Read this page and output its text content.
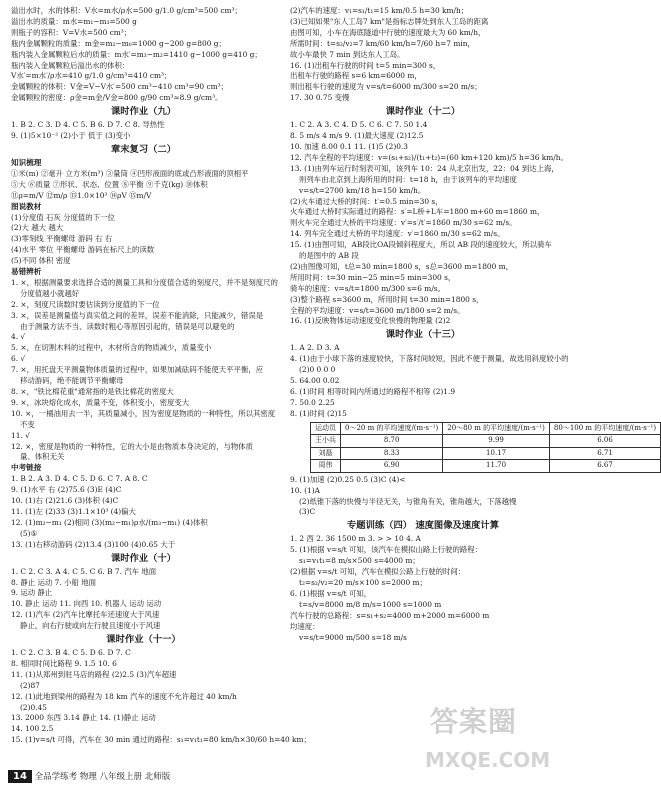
溢出水时，水的体积：V水=m水/ρ水=500 g/1.0 g/cm³=500 cm³；
溢出水的质量：m水=m₁−m₃=500 g
则瓶子的容积：V=V水=500 cm³；
瓶内金属颗粒的质量：m金=m₂−m₀=1000 g−200 g=800 g；
瓶内装入金属颗粒后水的质量：m水′=m₃−m₂=1410 g−1000 g=410 g；
瓶内装入金属颗粒后溢出水的体积：
V水′=m水′/ρ水=410 g/1.0 g/cm³=410 cm³；
金属颗粒的体积：V金=V−V水′=500 cm³−410 cm³=90 cm³；
金属颗粒的密度：ρ金=m金/V金=800 g/90 cm³≈8.9 g/cm³。
课时作业（九）
1. B 2. C 3. D 4. C 5. B 6. D 7. C 8. 导热性
9. (1)5×10⁻² (2)小于 低于 (3)变小
章末复习（二）
知识梳理
①米(m) ②毫升 立方米(m³) ③量筒 ④凹形液面的底或凸形液面的顶相平
⑤大 ⑥质量 ⑦形状、状态、位置 ⑧平衡 ⑨千克(kg) ⑩体积
⑪ρ=m/V ⑫m/ρ ⑬1.0×10³ ⑭ρV ⑮m/V
图说教材
(1)分度值 石灰 分度值的下一位
(2)大 越大 越大
(3)零刻线 平衡螺母 游码 右 右
(4)水平 零位 平衡螺母 游码在标尺上的读数
(5)不同 体积 密度
易错辨析
1. ×，根据测量要求选择合适的测量工具和分度值合适的刻度尺，并不是刻度尺的
分度值越小就越好
2. ×，刻度尺读数时要估读到分度值的下一位
3. ×，误差是测量值与真实值之间的差异，误差不能消除，只能减少，错误是
由于测量方法不当、读数时粗心等原因引起的，错误是可以避免的
4. √
5. ×，在切割木料的过程中，木材所含的物质减少，质量变小
6. √
7. ×，用托盘天平测量物体质量的过程中，如果加减砝码不能使天平平衡，应
移动游码，绝不能调节平衡螺母
8. ×，"铁比棉花重"通常指的是铁比棉花的密度大
9. ×，冰块熔化成水，质量不变，体积变小，密度变大
10. ×，一桶油用去一半，其质量减小，因为密度是物质的一种特性，所以其密度
不变
11. √
12. ×，密度是物质的一种特性，它的大小是由物质本身决定的，与物体质
量、体积无关
中考链接
1. B 2. A 3. D 4. C 5. D 6. C 7. A 8. C
9. (1)水平 右 (2)75.6 (3)E (4)C
10. (1)右 (2)21.6 (3)体积 (4)C
11. (1)左 (2)33 (3)1.1×10³ (4)偏大
12. (1)m₂−m₁ (2)相同 (3)(m₂−m₁)ρ水/(m₃−m₁) (4)体积
(5)⑤
13. (1)右移动游码 (2)13.4 (3)100 (4)0.65 大于
课时作业（十）
1. C 2. C 3. A 4. C 5. C 6. B 7. 汽车 地面
8. 静止 运动 7. 小船 地面
9. 运动 静止
10. 静止 运动 11. 向西 10. 机器人 运动 运动
12. (1)汽车 (2)汽车比摩托车还速度大于风速
静止，向右行驶或向左行驶且速度小于风速
课时作业（十一）
1. C 2. C 3. B 4. C 5. D 6. D 7. C
8. 相同时间比路程 9. 1.5 10. 6
11. (1)从郑州到驻马店的路程 (2)2.5 (3)汽车超速
(2)87
12. (1)此地到梁州的路程为 18 km 汽车的速度不允许超过 40 km/h
(2)0.45
13. 2000 东西 3.14 静止 14. (1)静止 运动
14. 100 2.5
15. (1)v=s/t 可得，汽车在 30 min 通过的路程：s₁=v₁t₁=80 km/h×30/60 h=40 km；
(2)汽车的速度：v₁=s₁/t₁=15 km/0.5 h=30 km/h；
(3)已知如果"东人工岛7 km"是指标志牌处到东人工岛的距离
由图可知，小车在海底隧道中行驶的速度最大为 60 km/h，
所需时间：t=s₂/v₂=7 km/60 km/h=7/60 h=7 min，
故小车最快 7 min 到达东人工岛。
16. (1)出租车行驶的时间 t=5 min=300 s，
出租车行驶的路程 s=6 km=6000 m，
则出租车行驶的速度为 v=s/t=6000 m/300 s=20 m/s；
17. 30 0.75 变慢
课时作业（十二）
1. C 2. A 3. C 4. D 5. C 6. C 7. 50 1.4
8. 5 m/s 4 m/s 9. (1)最大速度 (2)12.5
10. 加速 8.00 0.1 11. (1)5 (2)0.3
12. 汽车全程的平均速度：v=(s₁+s₂)/(t₁+t₂)=(60 km+120 km)/5 h=36 km/h。
13. (1)由列车运行时刻表可知，该列车 10：24 从北京出发，22：04 到达上海，
则列车由北京到上海所用的时间：t=18 h，由于该列车的平均速度
v=s/t=2700 km/18 h=150 km/h。
(2)火车通过大桥的时间：t′=0.5 min=30 s，
火车通过大桥时实际通过的路程：s′=L桥+L车=1800 m+60 m=1860 m，
则火车完全通过大桥的平均速度：v′=s′/t′=1860 m/30 s=62 m/s。
14. 列车完全通过大桥的平均速度：v′=1860 m/30 s=62 m/s。
15. (1)由图可知，AB段比OA段倾斜程度大，所以 AB 段的速度较大，所以骑车
的是图中的 AB 段
(2)由图像可知，t总=30 min=1800 s，s总=3600 m=1800 m，
所用时间：t=30 min−25 min=5 min=300 s，
骑车的速度：v=s/t=1800 m/300 s=6 m/s。
(3)整个路程 s=3600 m，所用时间 t=30 min=1800 s，
全程的平均速度：v=s/t=3600 m/1800 s=2 m/s。
16. (1)反映物体运动速度变化快慢的物理量 (2)2
课时作业（十三）
1. A 2. D 3. A
4. (1)由于小球下落的速度较快，下落时间较短，因此不便于测量，故选用斜度较小的
(2)0 0 0 0
5. 64.00 0.02
6. (1)时间 相等时间内所通过的路程不相等 (2)1.9
7. 50.0 2.25
8. (1)时间 (2)15
运动员	0～20 m 的平均速度/(m·s⁻¹)	20～80 m 的平均速度/(m·s⁻¹)	80～100 m 的平均速度/(m·s⁻¹)
王小兵	8.70	9.99	6.06
刘磊	8.33	10.17	6.71
周伟	6.90	11.70	6.67
9. (1)加速 (2)0.25 0.5 (3)C (4)<
10. (1)A
(2)纸锥下落的快慢与半径无关，与锥角有关，锥角越大，下落越慢
(3)C
专题训练（四） 速度图像及速度计算
1. 2 西 2. 36 1500 m 3. > > 10 4. A
5. (1)根据 v=s/t 可知，该汽车在模拟山路上行驶的路程：
s₁=v₁t₁=8 m/s×500 s=4000 m；
(2)根据 v=s/t 可知，汽车在模拟公路上行驶的时间：
t₂=s₂/v₂=20 m/s×100 s=2000 m；
6. (1)根据 v=s/t 可知，
t=s/v=8000 m/8 m/s=1000 s=1000 m
汽车行驶的总路程：s=s₁+s₂=4000 m+2000 m=6000 m
均速度：
v=s/t=9000 m/500 s=18 m/s
答案圈
MXQE.COM
14 全品学练考 物理 八年级上册 北师版
